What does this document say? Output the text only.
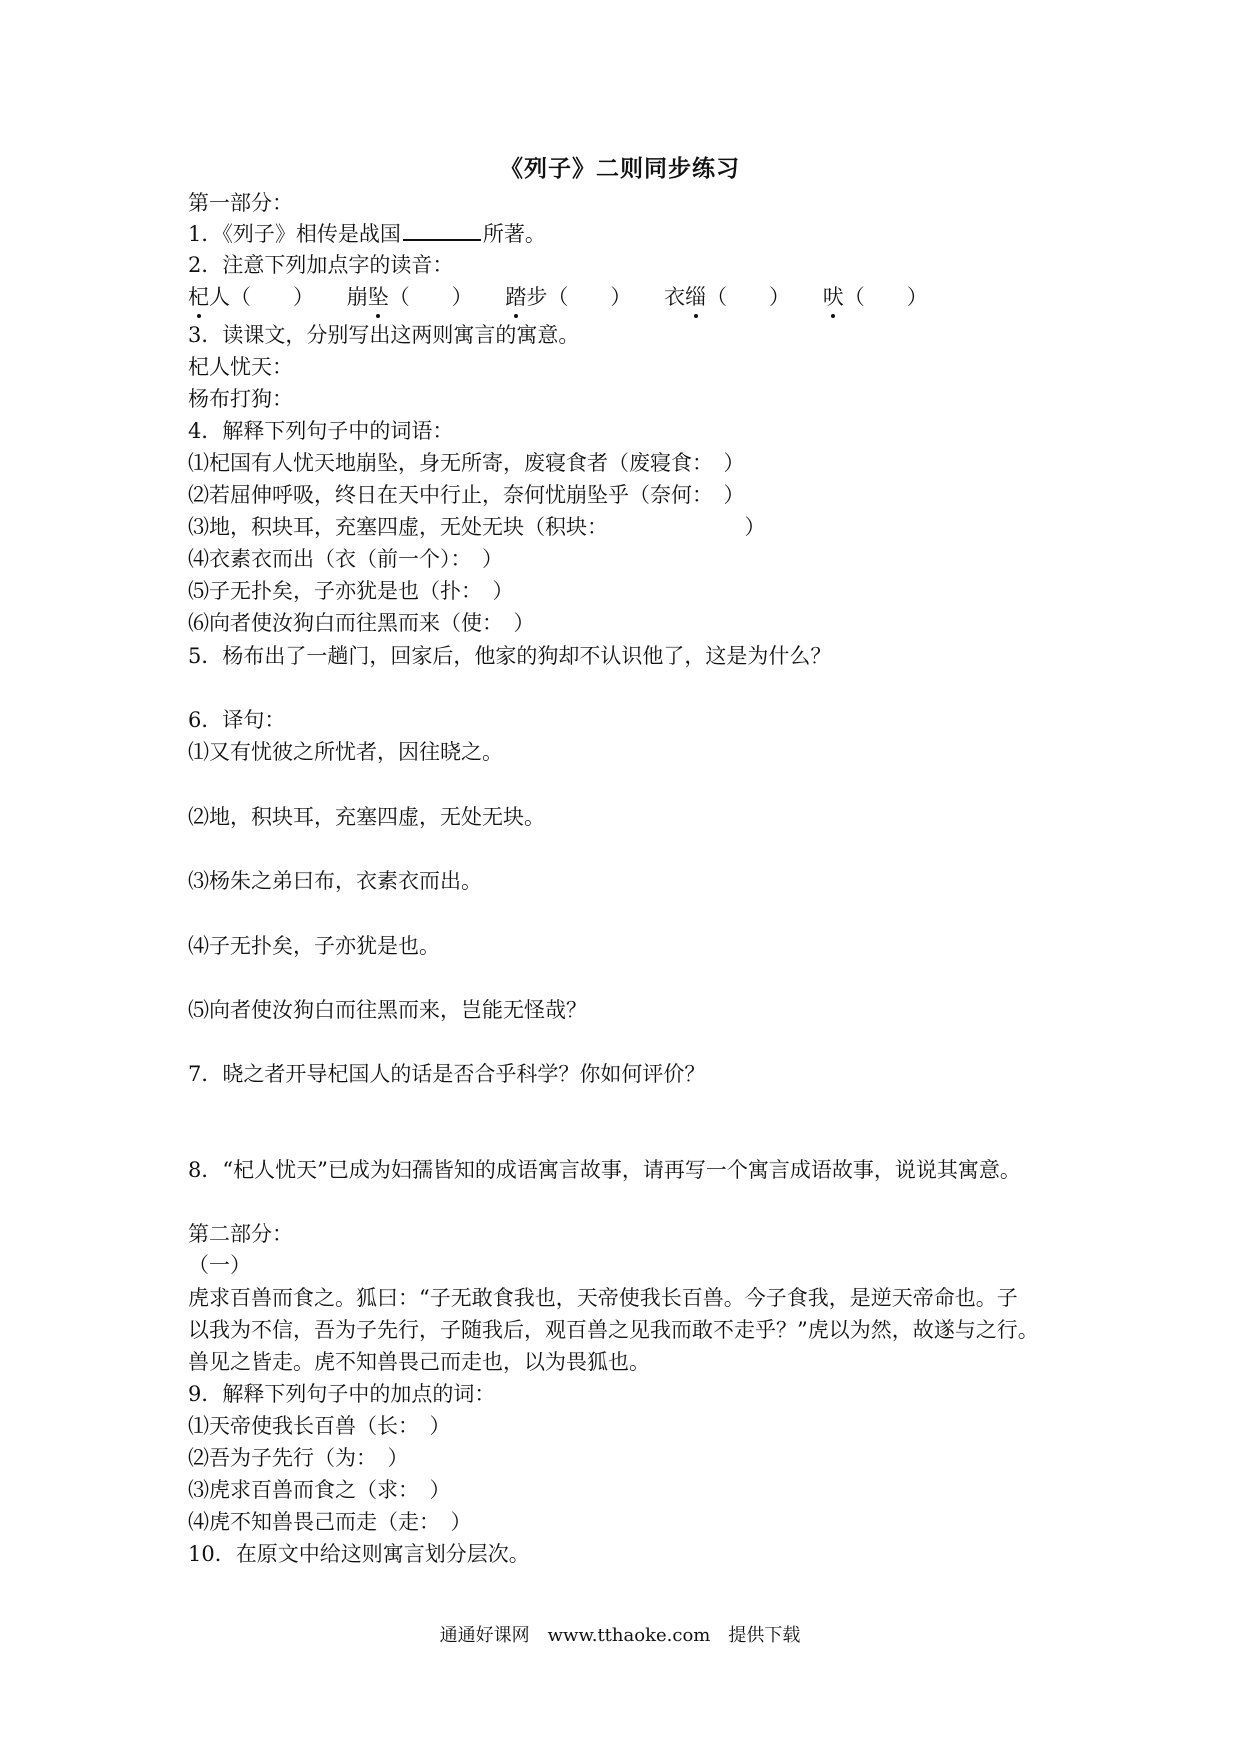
《列子》二则同步练习
第一部分：
1．《列子》相传是战国	所著。
2．注意下列加点字的读音：
杞人（　　） 崩坠（　　） 踏步（　　） 衣缁（　　） 吠（　　）
3．读课文，分别写出这两则寓言的寓意。
杞人忧天：
杨布打狗：
4．解释下列句子中的词语：
⑴杞国有人忧天地崩坠，身无所寄，废寝食者（废寝食：　）
⑵若屈伸呼吸，终日在天中行止，奈何忧崩坠乎（奈何：　）
⑶地，积块耳，充塞四虚，无处无块（积块：　　　　　　　）
⑷衣素衣而出（衣（前一个）：　）
⑸子无扑矣，子亦犹是也（扑：　）
⑹向者使汝狗白而往黑而来（使：　）
5．杨布出了一趟门，回家后，他家的狗却不认识他了，这是为什么？
6．译句：
⑴又有忧彼之所忧者，因往晓之。
⑵地，积块耳，充塞四虚，无处无块。
⑶杨朱之弟曰布，衣素衣而出。
⑷子无扑矣，子亦犹是也。
⑸向者使汝狗白而往黑而来，岂能无怪哉？
7．晓之者开导杞国人的话是否合乎科学？你如何评价？
8．“杞人忧天”已成为妇孺皆知的成语寓言故事，请再写一个寓言成语故事，说说其寓意。
第二部分：
（一）
虎求百兽而食之。狐曰：“子无敢食我也，天帝使我长百兽。今子食我，是逆天帝命也。子
以我为不信，吾为子先行，子随我后，观百兽之见我而敢不走乎？”虎以为然，故遂与之行。
兽见之皆走。虎不知兽畏己而走也，以为畏狐也。
9．解释下列句子中的加点的词：
⑴天帝使我长百兽（长：　）
⑵吾为子先行（为：　）
⑶虎求百兽而食之（求：　）
⑷虎不知兽畏己而走（走：　）
10．在原文中给这则寓言划分层次。
通通好课网　www.tthaoke.com　提供下载
